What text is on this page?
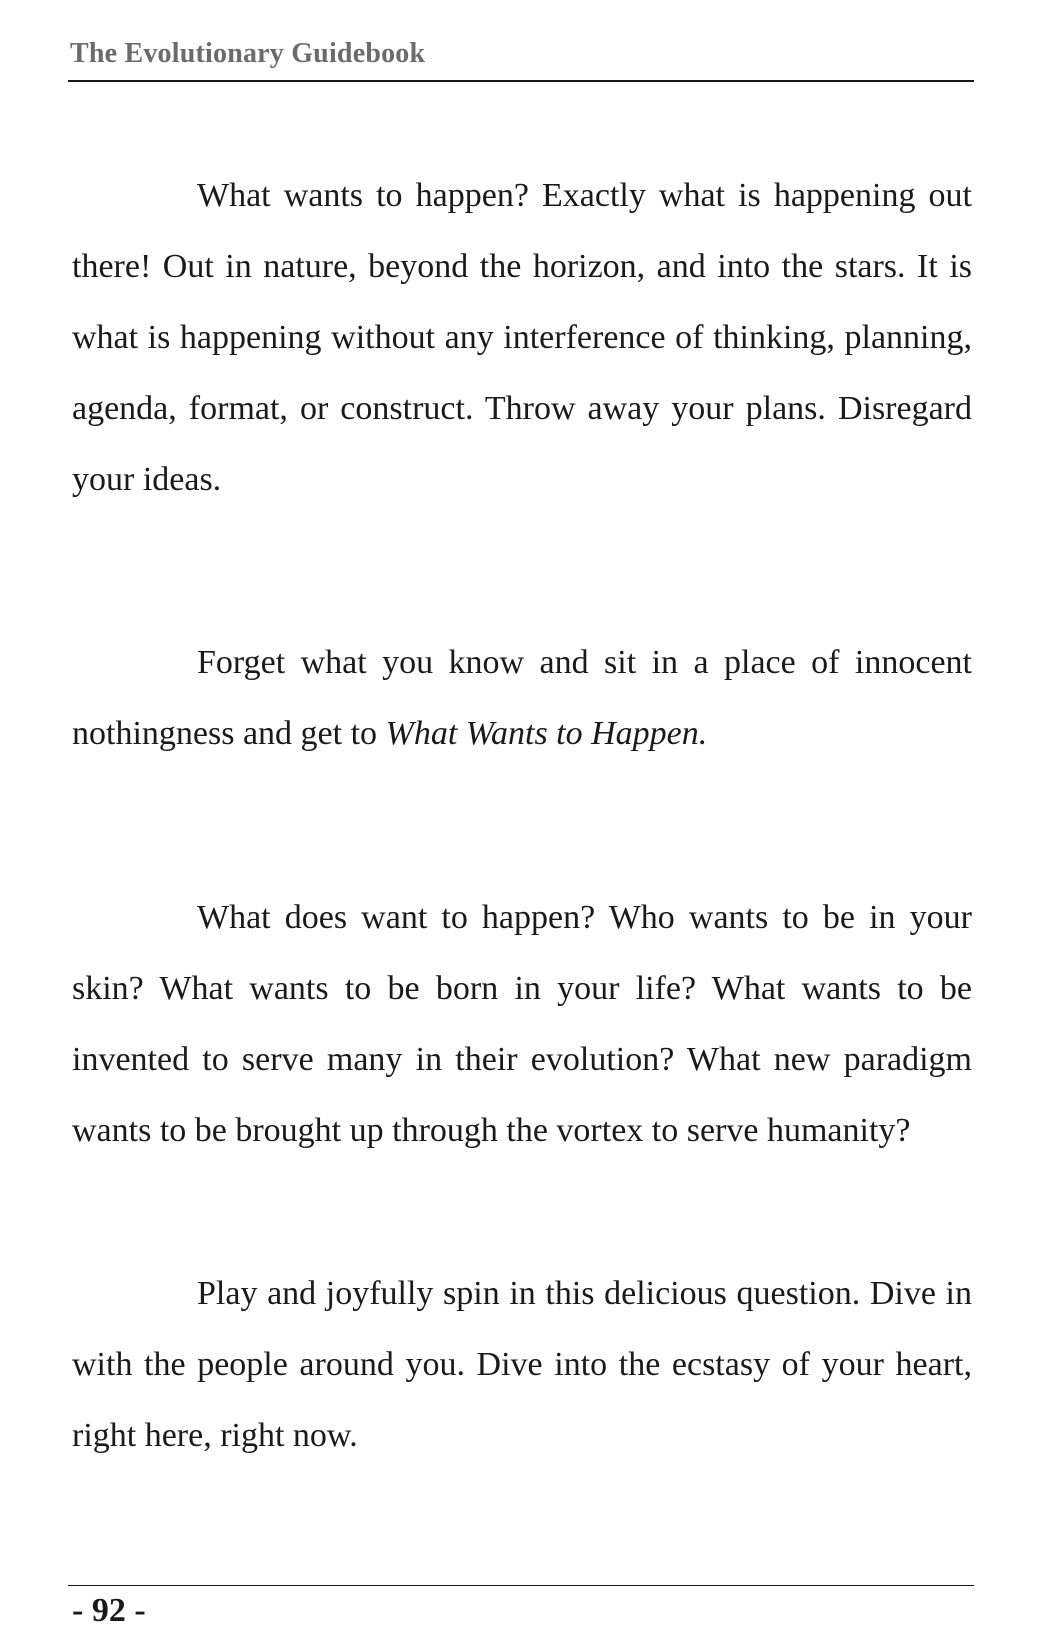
The Evolutionary Guidebook

What wants to happen? Exactly what is happening out there! Out in nature, beyond the horizon, and into the stars. It is what is happening without any interference of thinking, planning, agenda, format, or construct. Throw away your plans. Disregard your ideas.

Forget what you know and sit in a place of innocent nothingness and get to What Wants to Happen.

What does want to happen? Who wants to be in your skin? What wants to be born in your life? What wants to be invented to serve many in their evolution? What new paradigm wants to be brought up through the vortex to serve humanity?

Play and joyfully spin in this delicious question. Dive in with the people around you. Dive into the ecstasy of your heart, right here, right now.

- 92 -
